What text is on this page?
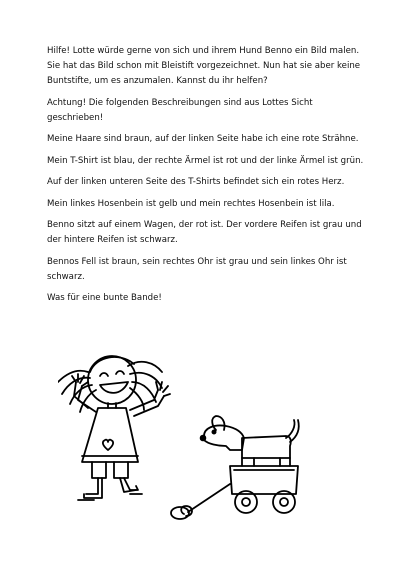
Hilfe! Lotte würde gerne von sich und ihrem Hund Benno ein Bild malen. Sie hat das Bild schon mit Bleistift vorgezeichnet. Nun hat sie aber keine Buntstifte, um es anzumalen. Kannst du ihr helfen?

Achtung! Die folgenden Beschreibungen sind aus Lottes Sicht geschrieben!

Meine Haare sind braun, auf der linken Seite habe ich eine rote Strähne.

Mein T-Shirt ist blau, der rechte Ärmel ist rot und der linke Ärmel ist grün.

Auf der linken unteren Seite des T-Shirts befindet sich ein rotes Herz.

Mein linkes Hosenbein ist gelb und mein rechtes Hosenbein ist lila.

Benno sitzt auf einem Wagen, der rot ist. Der vordere Reifen ist grau und der hintere Reifen ist schwarz.

Bennos Fell ist braun, sein rechtes Ohr ist grau und sein linkes Ohr ist schwarz.

Was für eine bunte Bande!
